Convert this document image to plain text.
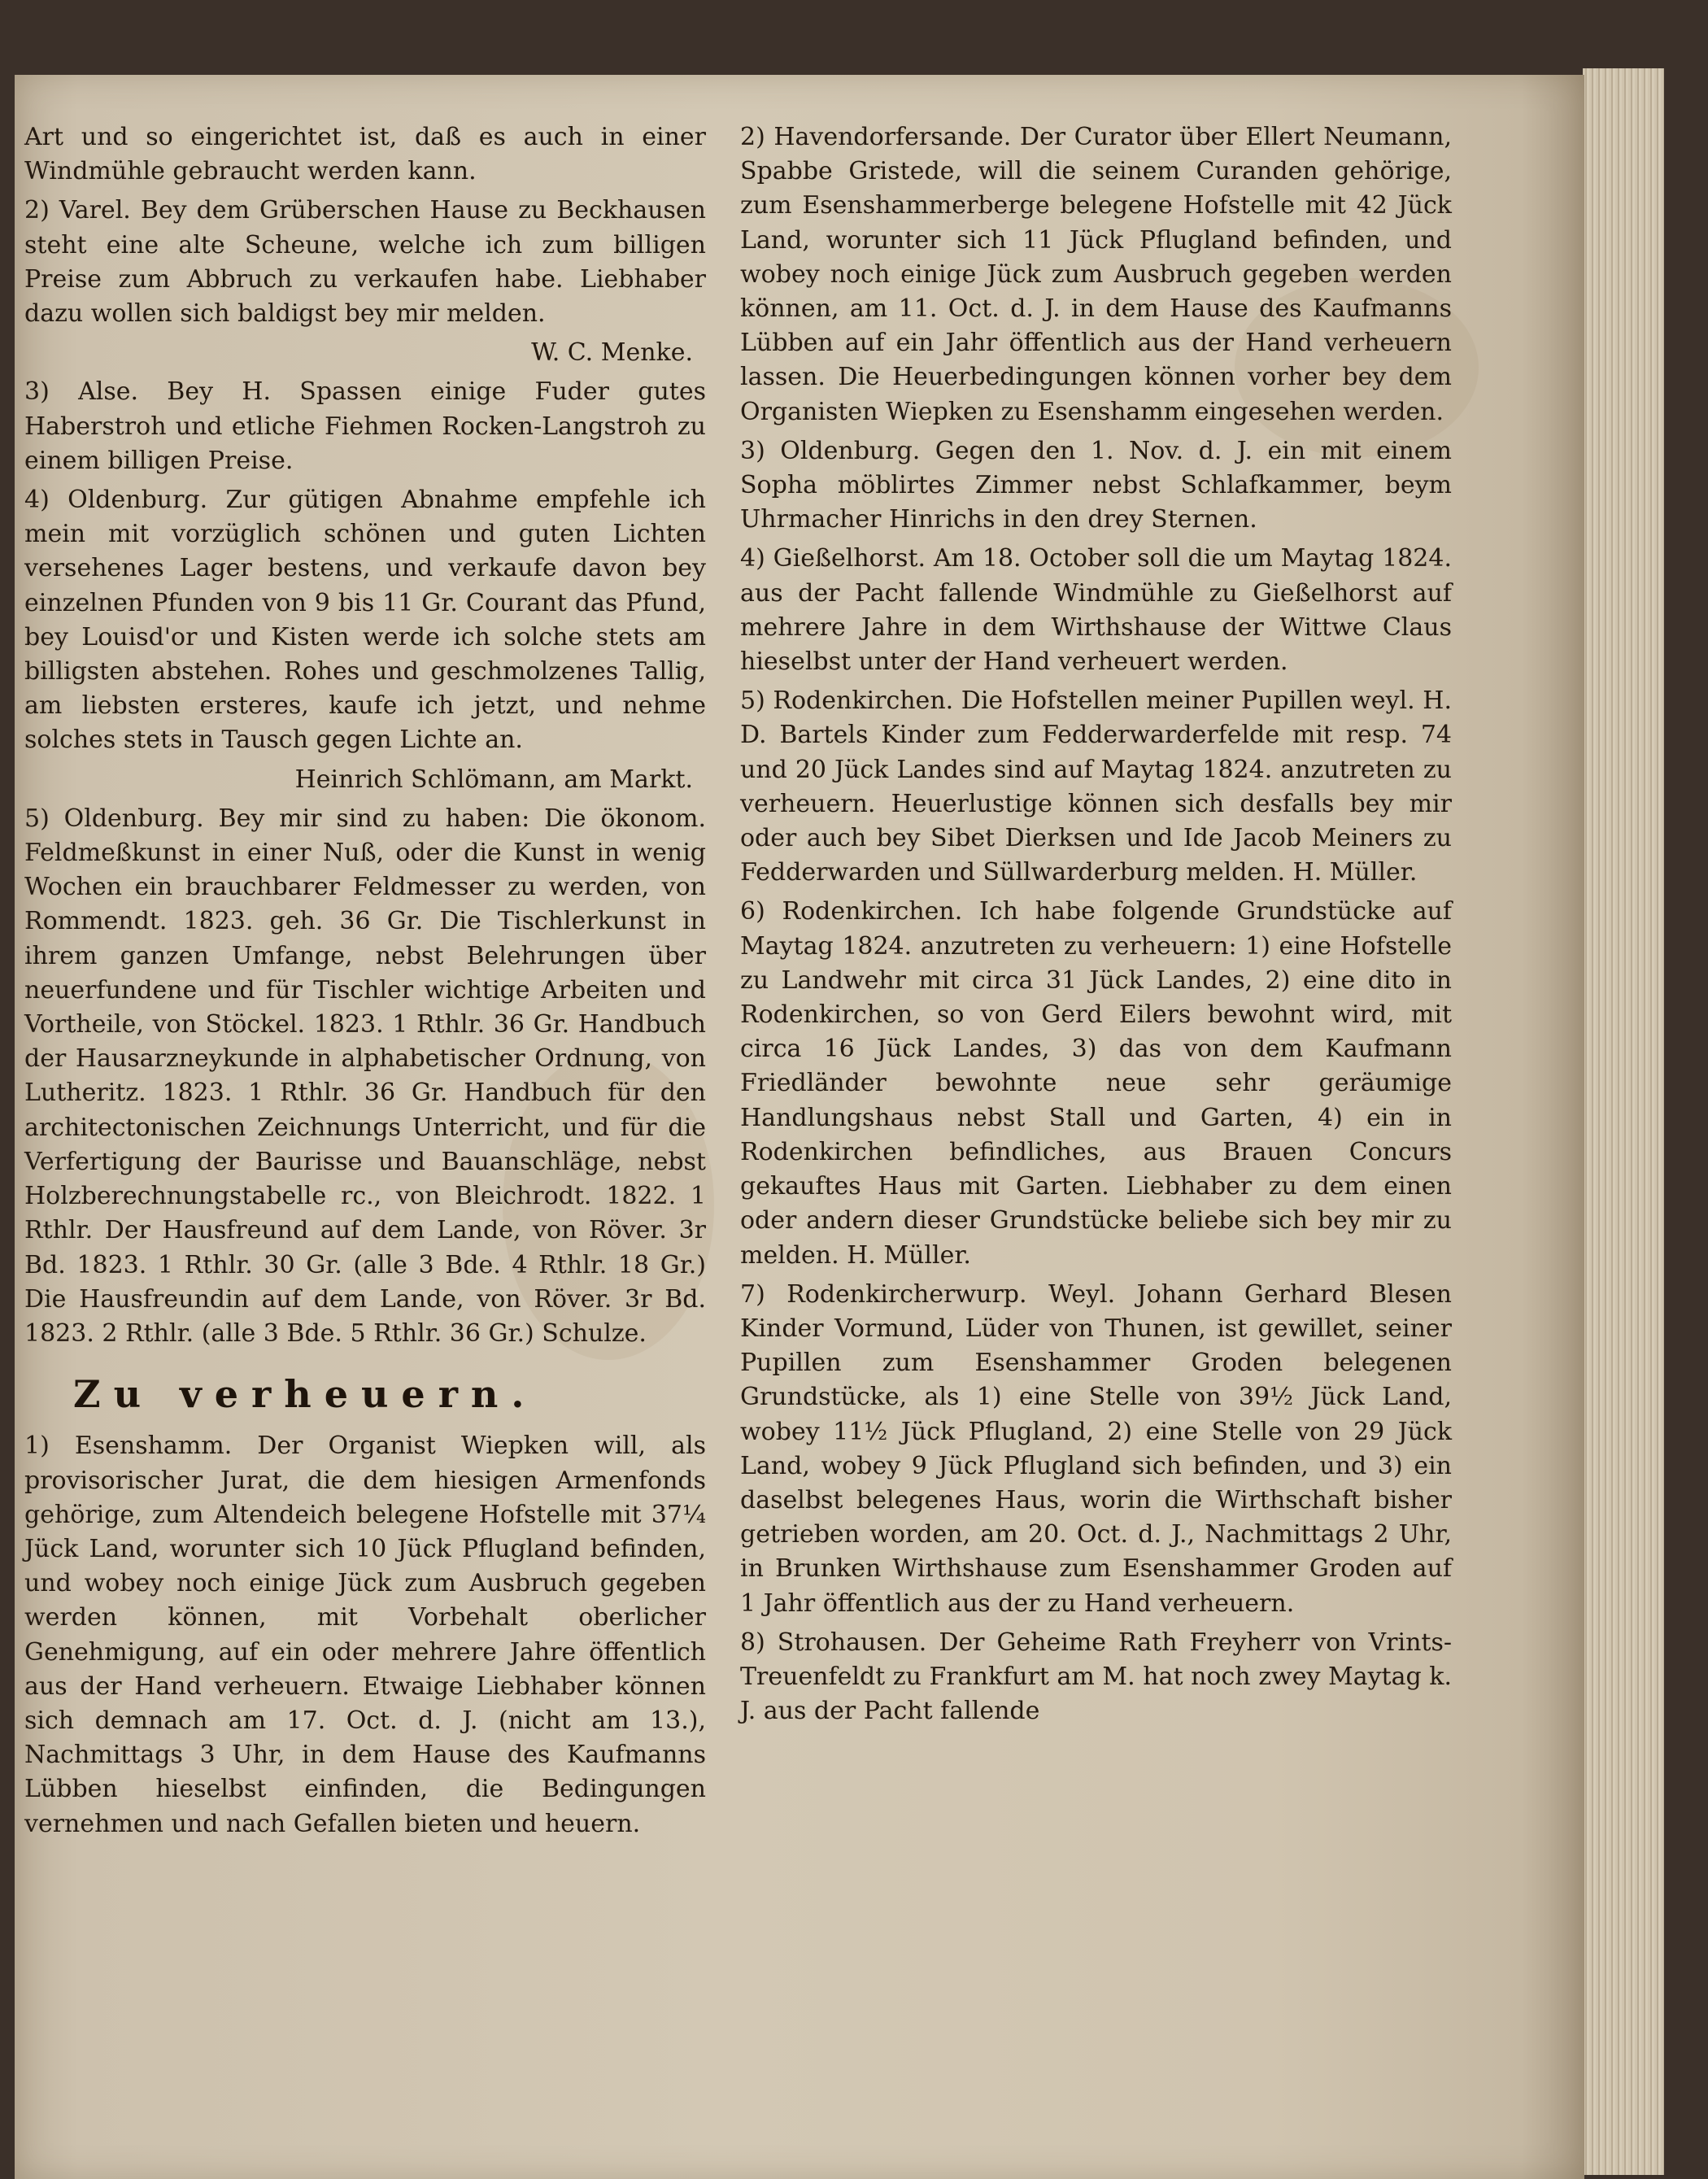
Art und so eingerichtet ist, daß es auch in einer Windmühle gebraucht werden kann.

2) Varel. Bey dem Grüberschen Hause zu Beckhausen steht eine alte Scheune, welche ich zum billigen Preise zum Abbruch zu verkaufen habe. Liebhaber dazu wollen sich baldigst bey mir melden.

W. C. Menke.

3) Alse. Bey H. Spassen einige Fuder gutes Haberstroh und etliche Fiehmen Rocken-Langstroh zu einem billigen Preise.

4) Oldenburg. Zur gütigen Abnahme empfehle ich mein mit vorzüglich schönen und guten Lichten versehenes Lager bestens, und verkaufe davon bey einzelnen Pfunden von 9 bis 11 Gr. Courant das Pfund, bey Louisd'or und Kisten werde ich solche stets am billigsten abstehen. Rohes und geschmolzenes Tallig, am liebsten ersteres, kaufe ich jetzt, und nehme solches stets in Tausch gegen Lichte an.

Heinrich Schlömann, am Markt.

5) Oldenburg. Bey mir sind zu haben: Die ökonom. Feldmeßkunst in einer Nuß, oder die Kunst in wenig Wochen ein brauchbarer Feldmesser zu werden, von Rommendt. 1823. geh. 36 Gr. Die Tischlerkunst in ihrem ganzen Umfange, nebst Belehrungen über neuerfundene und für Tischler wichtige Arbeiten und Vortheile, von Stöckel. 1823. 1 Rthlr. 36 Gr. Handbuch der Hausarzneykunde in alphabetischer Ordnung, von Lutheritz. 1823. 1 Rthlr. 36 Gr. Handbuch für den architectonischen Zeichnungs Unterricht, und für die Verfertigung der Baurisse und Bauanschläge, nebst Holzberechnungstabelle rc., von Bleichrodt. 1822. 1 Rthlr. Der Hausfreund auf dem Lande, von Röver. 3r Bd. 1823. 1 Rthlr. 30 Gr. (alle 3 Bde. 4 Rthlr. 18 Gr.) Die Hausfreundin auf dem Lande, von Röver. 3r Bd. 1823. 2 Rthlr. (alle 3 Bde. 5 Rthlr. 36 Gr.) Schulze.

Zu verheuern.

1) Esenshamm. Der Organist Wiepken will, als provisorischer Jurat, die dem hiesigen Armenfonds gehörige, zum Altendeich belegene Hofstelle mit 37¼ Jück Land, worunter sich 10 Jück Pflugland befinden, und wobey noch einige Jück zum Ausbruch gegeben werden können, mit Vorbehalt oberlicher Genehmigung, auf ein oder mehrere Jahre öffentlich aus der Hand verheuern. Etwaige Liebhaber können sich demnach am 17. Oct. d. J. (nicht am 13.), Nachmittags 3 Uhr, in dem Hause des Kaufmanns Lübben hieselbst einfinden, die Bedingungen vernehmen und nach Gefallen bieten und heuern.

2) Havendorfersande. Der Curator über Ellert Neumann, Spabbe Gristede, will die seinem Curanden gehörige, zum Esenshammerberge belegene Hofstelle mit 42 Jück Land, worunter sich 11 Jück Pflugland befinden, und wobey noch einige Jück zum Ausbruch gegeben werden können, am 11. Oct. d. J. in dem Hause des Kaufmanns Lübben auf ein Jahr öffentlich aus der Hand verheuern lassen. Die Heuerbedingungen können vorher bey dem Organisten Wiepken zu Esenshamm eingesehen werden.

3) Oldenburg. Gegen den 1. Nov. d. J. ein mit einem Sopha möblirtes Zimmer nebst Schlafkammer, beym Uhrmacher Hinrichs in den drey Sternen.

4) Gießelhorst. Am 18. October soll die um Maytag 1824. aus der Pacht fallende Windmühle zu Gießelhorst auf mehrere Jahre in dem Wirthshause der Wittwe Claus hieselbst unter der Hand verheuert werden.

5) Rodenkirchen. Die Hofstellen meiner Pupillen weyl. H. D. Bartels Kinder zum Fedderwarderfelde mit resp. 74 und 20 Jück Landes sind auf Maytag 1824. anzutreten zu verheuern. Heuerlustige können sich desfalls bey mir oder auch bey Sibet Dierksen und Ide Jacob Meiners zu Fedderwarden und Süllwarderburg melden. H. Müller.

6) Rodenkirchen. Ich habe folgende Grundstücke auf Maytag 1824. anzutreten zu verheuern: 1) eine Hofstelle zu Landwehr mit circa 31 Jück Landes, 2) eine dito in Rodenkirchen, so von Gerd Eilers bewohnt wird, mit circa 16 Jück Landes, 3) das von dem Kaufmann Friedländer bewohnte neue sehr geräumige Handlungshaus nebst Stall und Garten, 4) ein in Rodenkirchen befindliches, aus Brauen Concurs gekauftes Haus mit Garten. Liebhaber zu dem einen oder andern dieser Grundstücke beliebe sich bey mir zu melden. H. Müller.

7) Rodenkircherwurp. Weyl. Johann Gerhard Blesen Kinder Vormund, Lüder von Thunen, ist gewillet, seiner Pupillen zum Esenshammer Groden belegenen Grundstücke, als 1) eine Stelle von 39½ Jück Land, wobey 11½ Jück Pflugland, 2) eine Stelle von 29 Jück Land, wobey 9 Jück Pflugland sich befinden, und 3) ein daselbst belegenes Haus, worin die Wirthschaft bisher getrieben worden, am 20. Oct. d. J., Nachmittags 2 Uhr, in Brunken Wirthshause zum Esenshammer Groden auf 1 Jahr öffentlich aus der zu Hand verheuern.

8) Strohausen. Der Geheime Rath Freyherr von Vrints-Treuenfeldt zu Frankfurt am M. hat noch zwey Maytag k. J. aus der Pacht fallende
